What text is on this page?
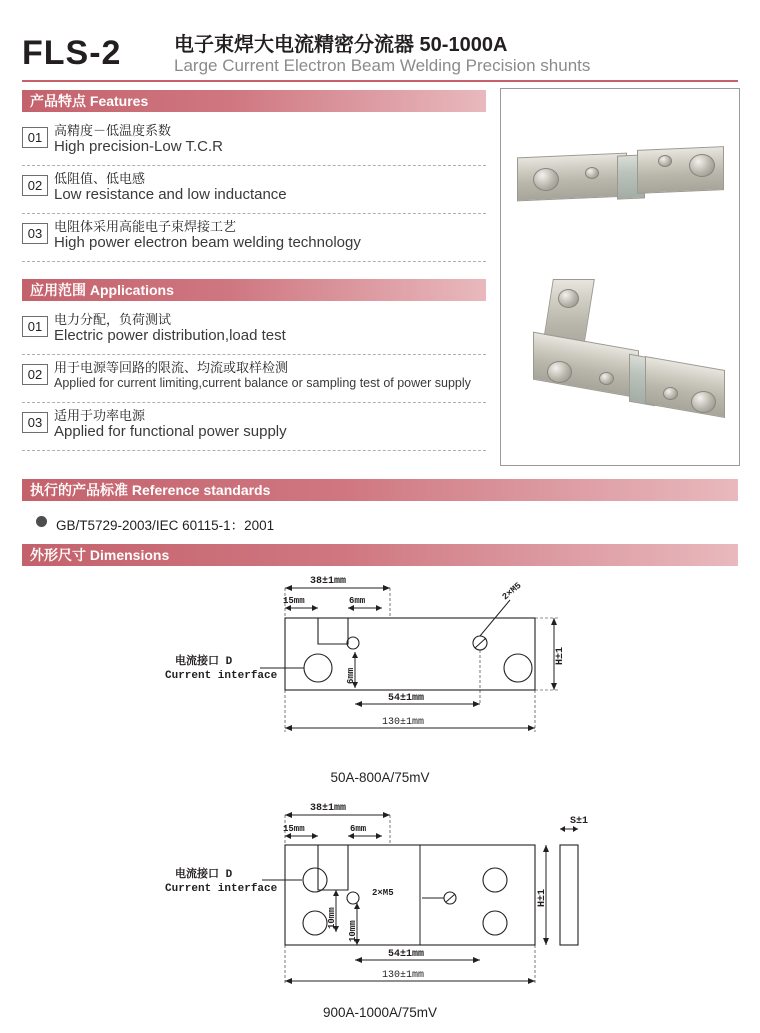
FLS-2	电子束焊大电流精密分流器 50-1000A
Large Current Electron Beam Welding Precision shunts
产品特点 Features
01 高精度－低温度系数
High precision-Low T.C.R
02 低阻值、低电感
Low resistance and low inductance
03 电阻体采用高能电子束焊接工艺
High power electron beam welding technology
应用范围 Applications
01 电力分配，负荷测试
Electric power distribution,load test
02 用于电源等回路的限流、均流或取样检测
Applied for current limiting,current balance or sampling test of power supply
03 适用于功率电源
Applied for functional power supply
执行的产品标准 Reference standards
GB/T5729-2003/IEC 60115-1：2001
外形尺寸 Dimensions
38±1mm
15mm	6mm
6mm
2×M5
H±1
54±1mm
130±1mm
电流接口 D
Current interface
50A-800A/75mV
S±1
38±1mm
15mm	6mm
10mm
10mm
2×M5	H±1
54±1mm
130±1mm
电流接口 D
Current interface
900A-1000A/75mV
